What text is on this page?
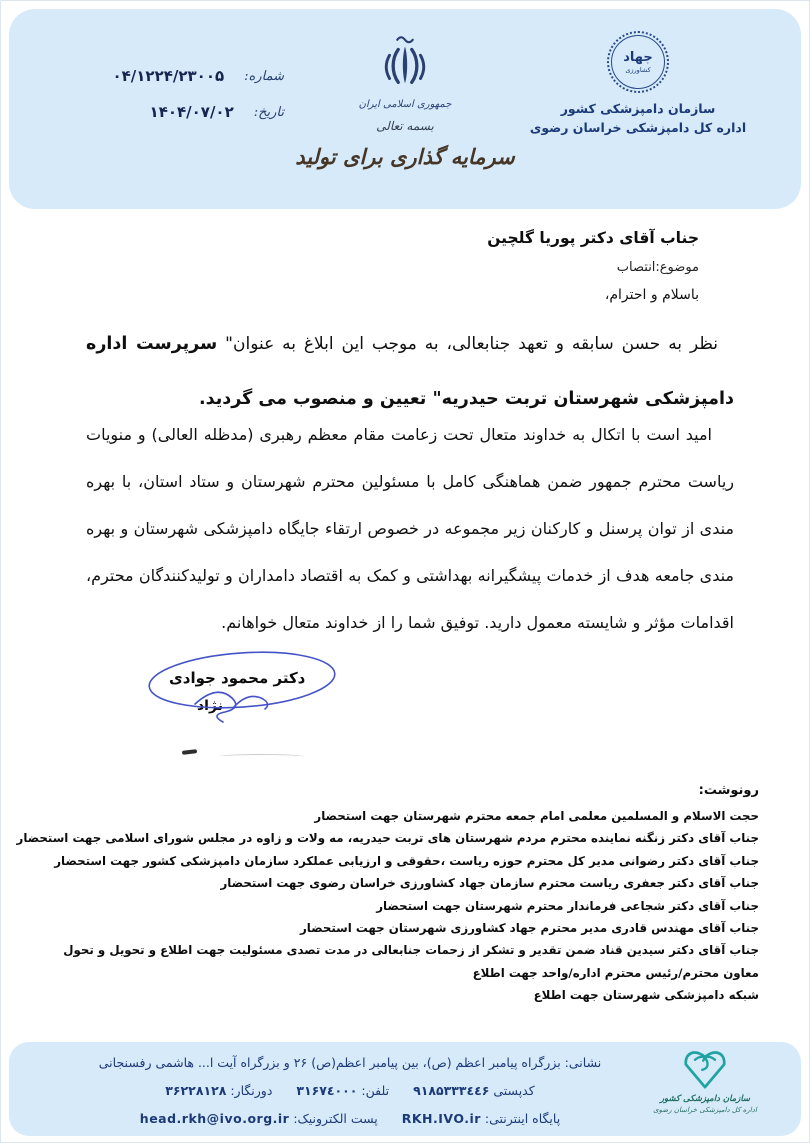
شماره:
۰۴/۱۲۲۴/۲۳۰۰۵
تاریخ:
۱۴۰۴/۰۷/۰۲	جمهوری اسلامی ایران
بسمه تعالی
سرمایه گذاری برای تولید
جهاد
کشاورزی
سازمان دامپزشکی کشور
اداره کل دامپزشکی خراسان رضوی
جناب آقای دکتر پوریا گلچین
موضوع:انتصاب
باسلام و احترام،

نظر به حسن سابقه و تعهد جنابعالی، به موجب این ابلاغ به عنوان" سرپرست اداره دامپزشکی شهرستان تربت حیدریه" تعیین و منصوب می گردید.

امید است با اتکال به خداوند متعال تحت زعامت مقام معظم رهبری (مدظله العالی) و منویات ریاست محترم جمهور ضمن هماهنگی کامل با مسئولین محترم شهرستان و ستاد استان، با بهره مندی از توان پرسنل و کارکنان زیر مجموعه در خصوص ارتقاء جایگاه دامپزشکی شهرستان و بهره مندی جامعه هدف از خدمات پیشگیرانه بهداشتی و کمک به اقتصاد دامداران و تولیدکنندگان محترم، اقدامات مؤثر و شایسته معمول دارید. توفیق شما را از خداوند متعال خواهانم.

دکتر محمود جوادی
نژاد
رونوشت:
حجت الاسلام و المسلمین معلمی امام جمعه محترم شهرستان جهت استحضار
جناب آقای دکتر زنگنه نماینده محترم مردم شهرستان های تربت حیدریه، مه ولات و زاوه در مجلس شورای اسلامی جهت استحضار
جناب آقای دکتر رضوانی مدیر کل محترم حوزه ریاست ،حقوقی و ارزیابی عملکرد سازمان دامپزشکی کشور جهت استحضار
جناب آقای دکتر جعفری ریاست محترم سازمان جهاد کشاورزی خراسان رضوی جهت استحضار
جناب آقای دکتر شجاعی فرماندار محترم شهرستان جهت استحضار
جناب آقای مهندس قادری مدیر محترم جهاد کشاورزی شهرستان جهت استحضار
جناب آقای دکتر سیدین قناد ضمن تقدیر و تشکر از زحمات جنابعالی در مدت تصدی مسئولیت جهت اطلاع و تحویل و تحول
معاون محترم/رئیس محترم اداره/واحد جهت اطلاع
شبکه دامپزشکی شهرستان جهت اطلاع
سازمان دامپزشکی کشور
اداره کل دامپزشکی خراسان رضوی
نشانی: بزرگراه پیامبر اعظم (ص)، بین پیامبر اعظم(ص) ۲۶ و بزرگراه آیت ا... هاشمی رفسنجانی
کدپستی ۹۱۸۵۳۳۳٤٤۶  تلفن: ۳۱۶۷٤۰۰۰  دورنگار: ۳۶۲۲۸۱۲۸
پایگاه اینترنتی: RKH.IVO.ir  پست الکترونیک: head.rkh@ivo.org.ir
